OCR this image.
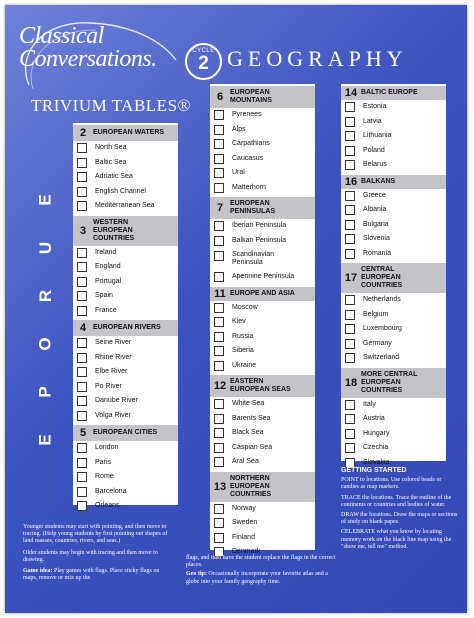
Classical
Conversations.
TRIVIUM TABLES®
CYCLE
2 GEOGRAPHY
E
U
R
O
P
E
2 EUROPEAN WATERS
North Sea
Baltic Sea
Adriatic Sea
English Channel
Mediterranean Sea
3
WESTERN EUROPEAN COUNTRIES
Ireland
England
Portugal
Spain
France
4 EUROPEAN RIVERS
Seine River
Rhine River
Elbe River
Po River
Danube River
Volga River
5 EUROPEAN CITIES
London
Paris
Rome
Barcelona
Orleans
6 EUROPEAN MOUNTAINS
Pyrenees
Alps
Carpathians
Caucasus
Ural
Matterhorn
7 EUROPEAN PENINSULAS
Iberian Peninsula
Balkan Peninsula
Scandinavian Peninsula
Apennine Peninsula
11 EUROPE AND ASIA
Moscow
Kiev
Russia
Siberia
Ukraine
12 EASTERN EUROPEAN SEAS
White Sea
Barents Sea
Black Sea
Caspian Sea
Aral Sea
13
NORTHERN EUROPEAN COUNTRIES
Norway
Sweden
Finland
Denmark
14 BALTIC EUROPE
Estonia
Latvia
Lithuania
Poland
Belarus
16 BALKANS
Greece
Albania
Bulgaria
Slovenia
Romania
17
CENTRAL EUROPEAN COUNTRIES
Netherlands
Belgium
Luxembourg
Germany
Switzerland
18
MORE CENTRAL EUROPEAN COUNTRIES
Italy
Austria
Hungary
Czechia
Slovakia

Younger students may start with pointing, and then move to tracing. (Help young students by first pointing out shapes of land masses, countries, rivers, and seas.)

Older students may begin with tracing and then move to drawing.

Game idea: Play games with flags. Place sticky flags on maps, remove or mix up the

flags, and then have the student replace the flags in the correct places.

Geo tip: Occasionally incorporate your favorite atlas and a globe into your family geography time.

GETTING STARTED

POINT to locations. Use colored beads or candies as map markers.

TRACE the locations. Trace the outline of the continents or countries and bodies of water.

DRAW the locations. Draw the maps or sections of study on blank papes.

CELEBRATE what you know by locating memory work on the black line map using the "show me, tell me" method.
